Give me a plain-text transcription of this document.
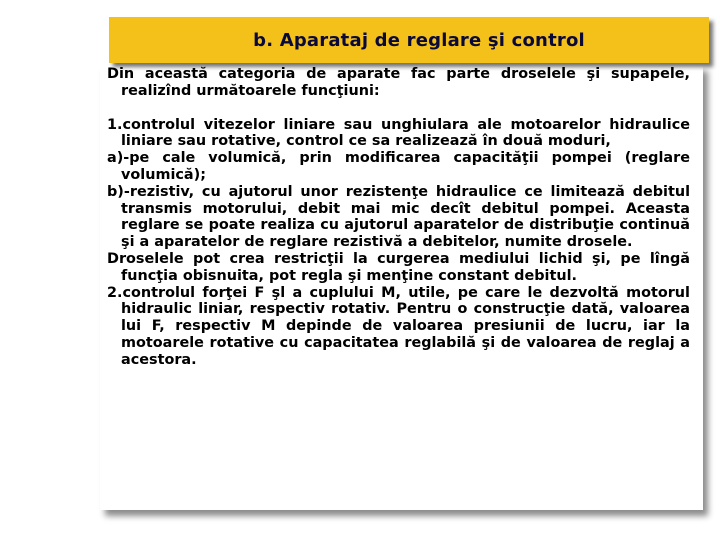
b. Aparataj de reglare şi control

Din această categoria de aparate fac parte droselele şi supapele, realizînd următoarele funcţiuni:

1.controlul vitezelor liniare sau unghiulara ale motoarelor hidraulice liniare sau rotative, control ce sa realizează în două moduri,

a)-pe cale volumică, prin modificarea capacităţii pompei (reglare volumică);

b)-rezistiv, cu ajutorul unor rezistenţe hidraulice ce limitează debitul transmis motorului, debit mai mic decît debitul pompei. Aceasta reglare se poate realiza cu ajutorul aparatelor de distribuţie continuă şi a aparatelor de reglare rezistivă a debitelor, numite drosele.

Droselele pot crea restricţii la curgerea mediului lichid şi, pe lîngă funcţia obisnuita, pot regla şi menţine constant debitul.

2.controlul forţei F şl a cuplului M, utile, pe care le dezvoltă motorul hidraulic liniar, respectiv rotativ. Pentru o construcţie dată, valoarea lui F, respectiv M depinde de valoarea presiunii de lucru, iar la motoarele rotative cu capacitatea reglabilă şi de valoarea de reglaj a acestora.
